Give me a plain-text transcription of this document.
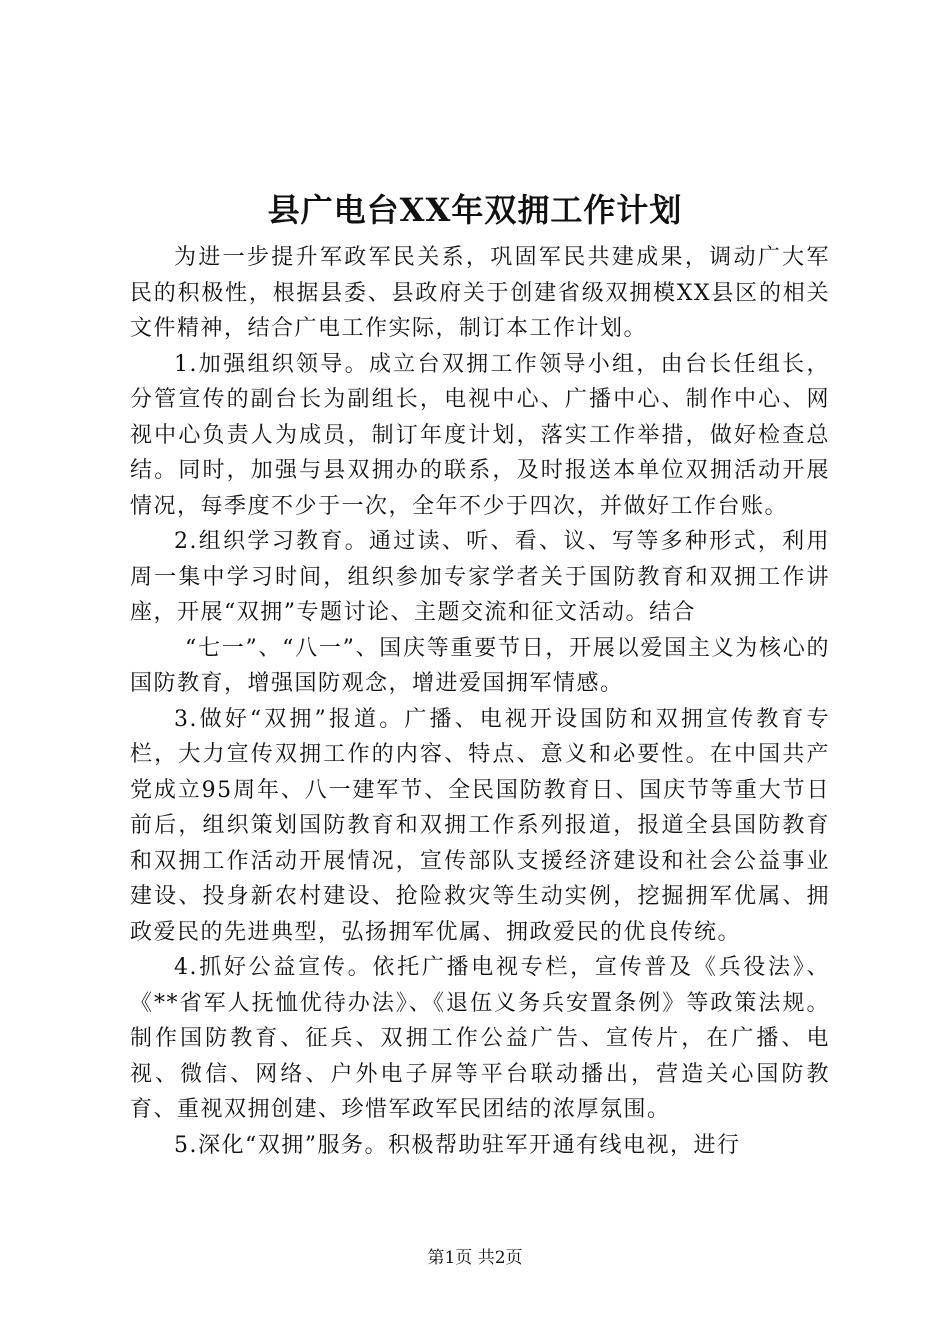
县广电台XX年双拥工作计划

为进一步提升军政军民关系，巩固军民共建成果，调动广大军民的积极性，根据县委、县政府关于创建省级双拥模XX县区的相关文件精神，结合广电工作实际，制订本工作计划。

1.加强组织领导。成立台双拥工作领导小组，由台长任组长，分管宣传的副台长为副组长，电视中心、广播中心、制作中心、网视中心负责人为成员，制订年度计划，落实工作举措，做好检查总结。同时，加强与县双拥办的联系，及时报送本单位双拥活动开展情况，每季度不少于一次，全年不少于四次，并做好工作台账。

2.组织学习教育。通过读、听、看、议、写等多种形式，利用周一集中学习时间，组织参加专家学者关于国防教育和双拥工作讲座，开展“双拥”专题讨论、主题交流和征文活动。结合

“七一”、“八一”、国庆等重要节日，开展以爱国主义为核心的国防教育，增强国防观念，增进爱国拥军情感。

3.做好“双拥”报道。广播、电视开设国防和双拥宣传教育专栏，大力宣传双拥工作的内容、特点、意义和必要性。在中国共产党成立95周年、八一建军节、全民国防教育日、国庆节等重大节日前后，组织策划国防教育和双拥工作系列报道，报道全县国防教育和双拥工作活动开展情况，宣传部队支援经济建设和社会公益事业建设、投身新农村建设、抢险救灾等生动实例，挖掘拥军优属、拥政爱民的先进典型，弘扬拥军优属、拥政爱民的优良传统。

4.抓好公益宣传。依托广播电视专栏，宣传普及《兵役法》、《**省军人抚恤优待办法》、《退伍义务兵安置条例》等政策法规。制作国防教育、征兵、双拥工作公益广告、宣传片，在广播、电视、微信、网络、户外电子屏等平台联动播出，营造关心国防教育、重视双拥创建、珍惜军政军民团结的浓厚氛围。

5.深化“双拥”服务。积极帮助驻军开通有线电视，进行

第1页 共2页
